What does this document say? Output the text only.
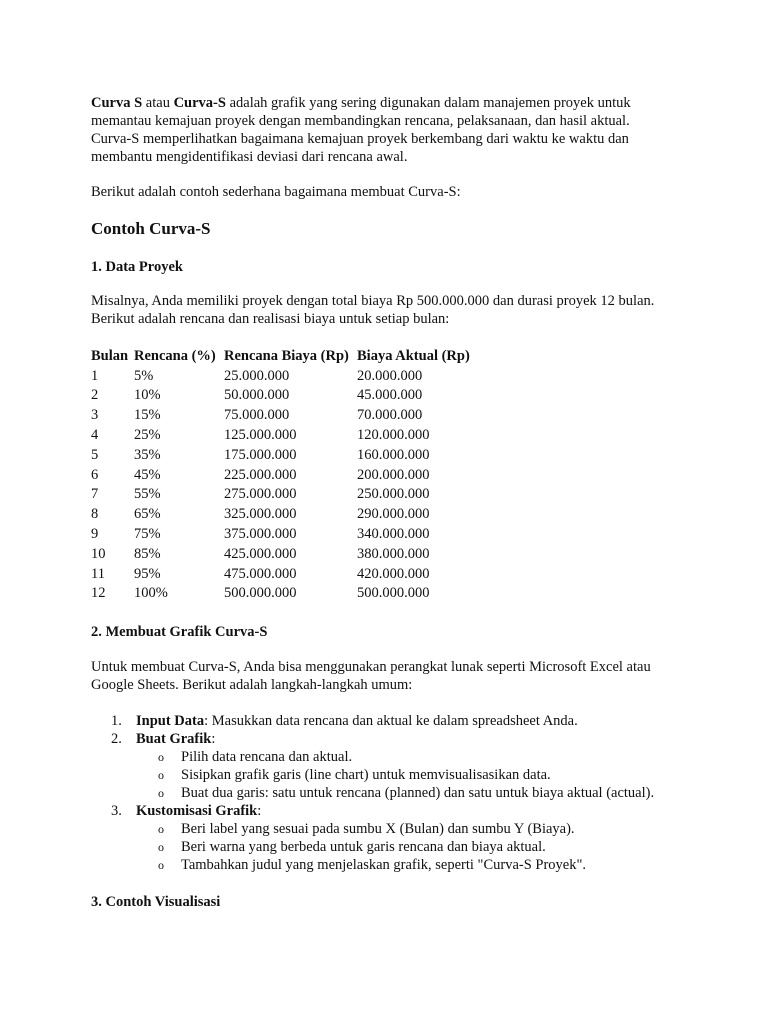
Curva S atau Curva-S adalah grafik yang sering digunakan dalam manajemen proyek untuk
memantau kemajuan proyek dengan membandingkan rencana, pelaksanaan, dan hasil aktual.
Curva-S memperlihatkan bagaimana kemajuan proyek berkembang dari waktu ke waktu dan
membantu mengidentifikasi deviasi dari rencana awal.

Berikut adalah contoh sederhana bagaimana membuat Curva-S:

Contoh Curva-S
1. Data Proyek

Misalnya, Anda memiliki proyek dengan total biaya Rp 500.000.000 dan durasi proyek 12 bulan.
Berikut adalah rencana dan realisasi biaya untuk setiap bulan:

Bulan	Rencana (%)	Rencana Biaya (Rp)	Biaya Aktual (Rp)
1	5%	25.000.000	20.000.000
2	10%	50.000.000	45.000.000
3	15%	75.000.000	70.000.000
4	25%	125.000.000	120.000.000
5	35%	175.000.000	160.000.000
6	45%	225.000.000	200.000.000
7	55%	275.000.000	250.000.000
8	65%	325.000.000	290.000.000
9	75%	375.000.000	340.000.000
10	85%	425.000.000	380.000.000
11	95%	475.000.000	420.000.000
12	100%	500.000.000	500.000.000
2. Membuat Grafik Curva-S

Untuk membuat Curva-S, Anda bisa menggunakan perangkat lunak seperti Microsoft Excel atau
Google Sheets. Berikut adalah langkah-langkah umum:

1. Input Data: Masukkan data rencana dan aktual ke dalam spreadsheet Anda.
2. Buat Grafik:
o Pilih data rencana dan aktual.
o Sisipkan grafik garis (line chart) untuk memvisualisasikan data.
o Buat dua garis: satu untuk rencana (planned) dan satu untuk biaya aktual (actual).
3. Kustomisasi Grafik:
o Beri label yang sesuai pada sumbu X (Bulan) dan sumbu Y (Biaya).
o Beri warna yang berbeda untuk garis rencana dan biaya aktual.
o Tambahkan judul yang menjelaskan grafik, seperti "Curva-S Proyek".
3. Contoh Visualisasi
